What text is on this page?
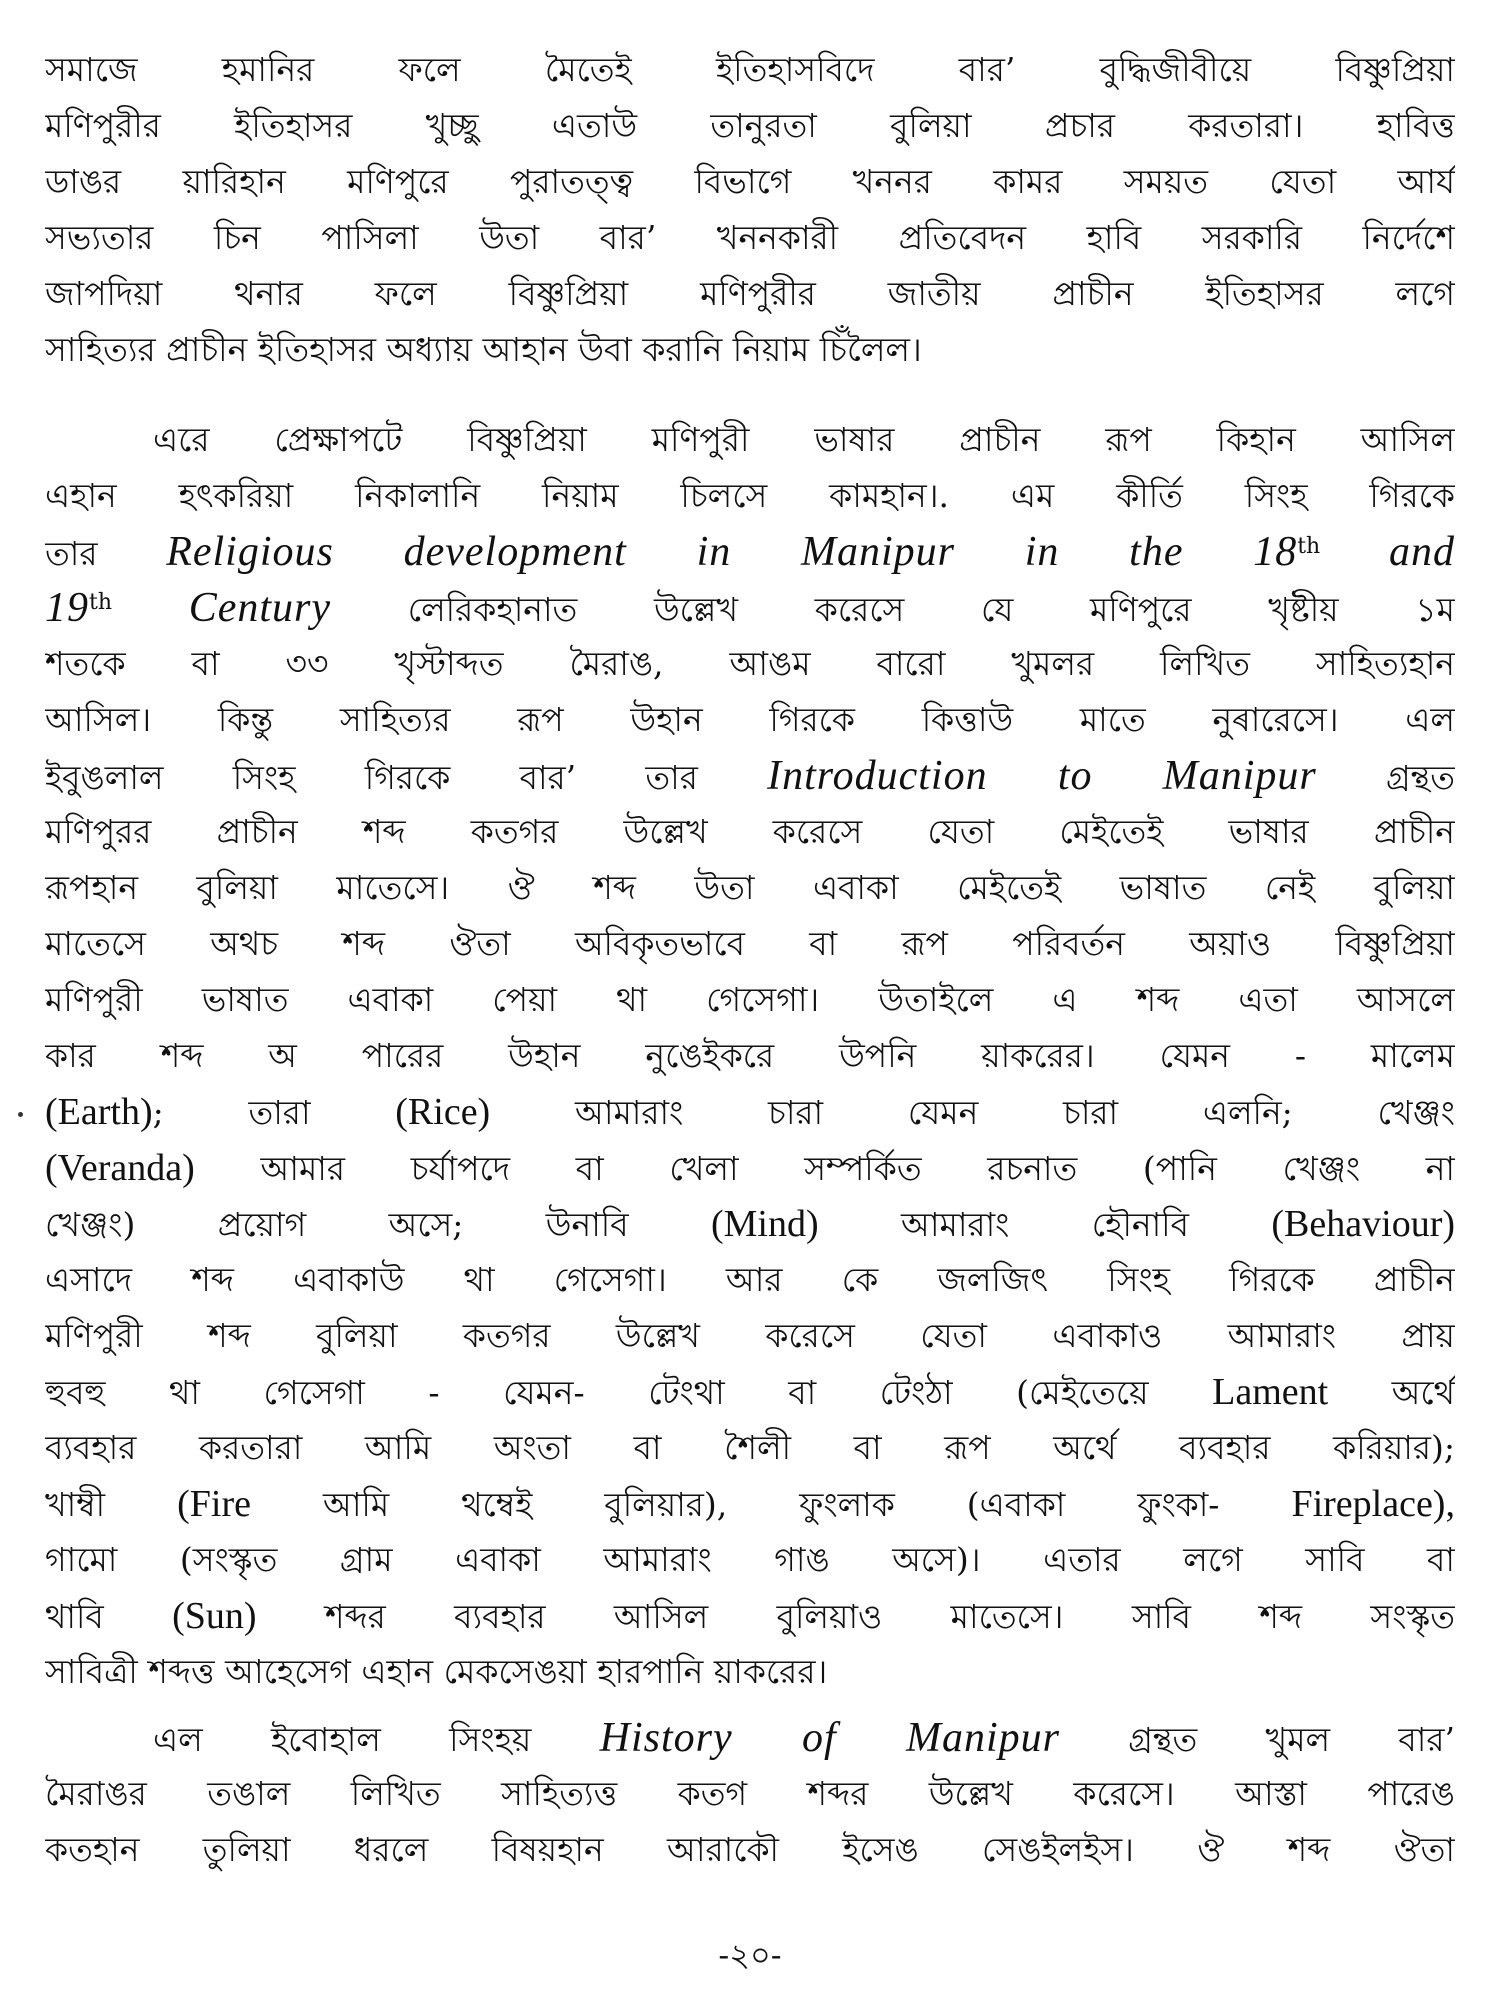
সমাজে হমানির ফলে মৈতেই ইতিহাসবিদে বার’ বুদ্ধিজীবীয়ে বিষ্ণুপ্রিয়া
মণিপুরীর ইতিহাসর খুচ্ছু এতাউ তানুরতা বুলিয়া প্রচার করতারা। হাবিত্ত
ডাঙর য়ারিহান মণিপুরে পুরাতত্ত্ব বিভাগে খননর কামর সময়ত যেতা আর্য
সভ্যতার চিন পাসিলা উতা বার’ খননকারী প্রতিবেদন হাবি সরকারি নির্দেশে
জাপদিয়া থনার ফলে বিষ্ণুপ্রিয়া মণিপুরীর জাতীয় প্রাচীন ইতিহাসর লগে
সাহিত্যর প্রাচীন ইতিহাসর অধ্যায় আহান উবা করানি নিয়াম চিঁলৈল।
এরে প্রেক্ষাপটে বিষ্ণুপ্রিয়া মণিপুরী ভাষার প্রাচীন রূপ কিহান আসিল
এহান হৎকরিয়া নিকালানি নিয়াম চিলসে কামহান।. এম কীর্তি সিংহ গিরকে
তার Religious development in Manipur in the 18th and
19th Century লেরিকহানাত উল্লেখ করেসে যে মণিপুরে খৃষ্টীয় ১ম
শতকে বা ৩৩ খৃস্টাব্দত মৈরাঙ, আঙম বারো খুমলর লিখিত সাহিত্যহান
আসিল। কিন্তু সাহিত্যর রূপ উহান গিরকে কিত্তাউ মাতে নুৰারেসে। এল
ইবুঙলাল সিংহ গিরকে বার’ তার Introduction to Manipur গ্রন্থত
মণিপুরর প্রাচীন শব্দ কতগর উল্লেখ করেসে যেতা মেইতেই ভাষার প্রাচীন
রূপহান বুলিয়া মাতেসে। ঔ শব্দ উতা এবাকা মেইতেই ভাষাত নেই বুলিয়া
মাতেসে অথচ শব্দ ঔতা অবিকৃতভাবে বা রূপ পরিবর্তন অয়াও বিষ্ণুপ্রিয়া
মণিপুরী ভাষাত এবাকা পেয়া থা গেসেগা। উতাইলে এ শব্দ এতা আসলে
কার শব্দ অ পারের উহান নুঙেইকরে উপনি য়াকরের। যেমন - মালেম
(Earth); তারা (Rice)	আমারাং চারা যেমন চারা এলনি; খেঞ্জং
(Veranda) আমার চর্যাপদে বা খেলা সম্পর্কিত রচনাত (পানি খেঞ্জং না
খেঞ্জং) প্রয়োগ অসে; উনাবি (Mind) আমারাং হৌনাবি (Behaviour)
এসাদে শব্দ এবাকাউ থা গেসেগা। আর কে জলজিৎ সিংহ গিরকে প্রাচীন
মণিপুরী শব্দ বুলিয়া কতগর উল্লেখ করেসে যেতা এবাকাও আমারাং প্রায়
হুবহু থা গেসেগা - যেমন- টেংথা বা টেংঠা (মেইতেয়ে Lament অর্থে
ব্যবহার করতারা আমি অংতা বা শৈলী বা রূপ অর্থে ব্যবহার করিয়ার);
খাম্বী (Fire আমি থম্বেই বুলিয়ার), ফুংলাক (এবাকা ফুংকা- Fireplace),
গামো (সংস্কৃত গ্রাম এবাকা আমারাং গাঙ অসে)। এতার লগে সাবি বা
থাবি (Sun) শব্দর ব্যবহার আসিল বুলিয়াও মাতেসে। সাবি শব্দ সংস্কৃত
সাবিত্রী শব্দত্ত আহেসেগ এহান মেকসেঙয়া হারপানি য়াকরের।
এল ইবোহাল সিংহয় History of Manipur গ্রন্থত খুমল বার’
মৈরাঙর তঙাল লিখিত সাহিত্যত্ত কতগ শব্দর উল্লেখ করেসে। আস্তা পারেঙ
কতহান তুলিয়া ধরলে বিষয়হান আরাকৌ ইসেঙ সেঙইলইস। ঔ শব্দ ঔতা
-২০-
